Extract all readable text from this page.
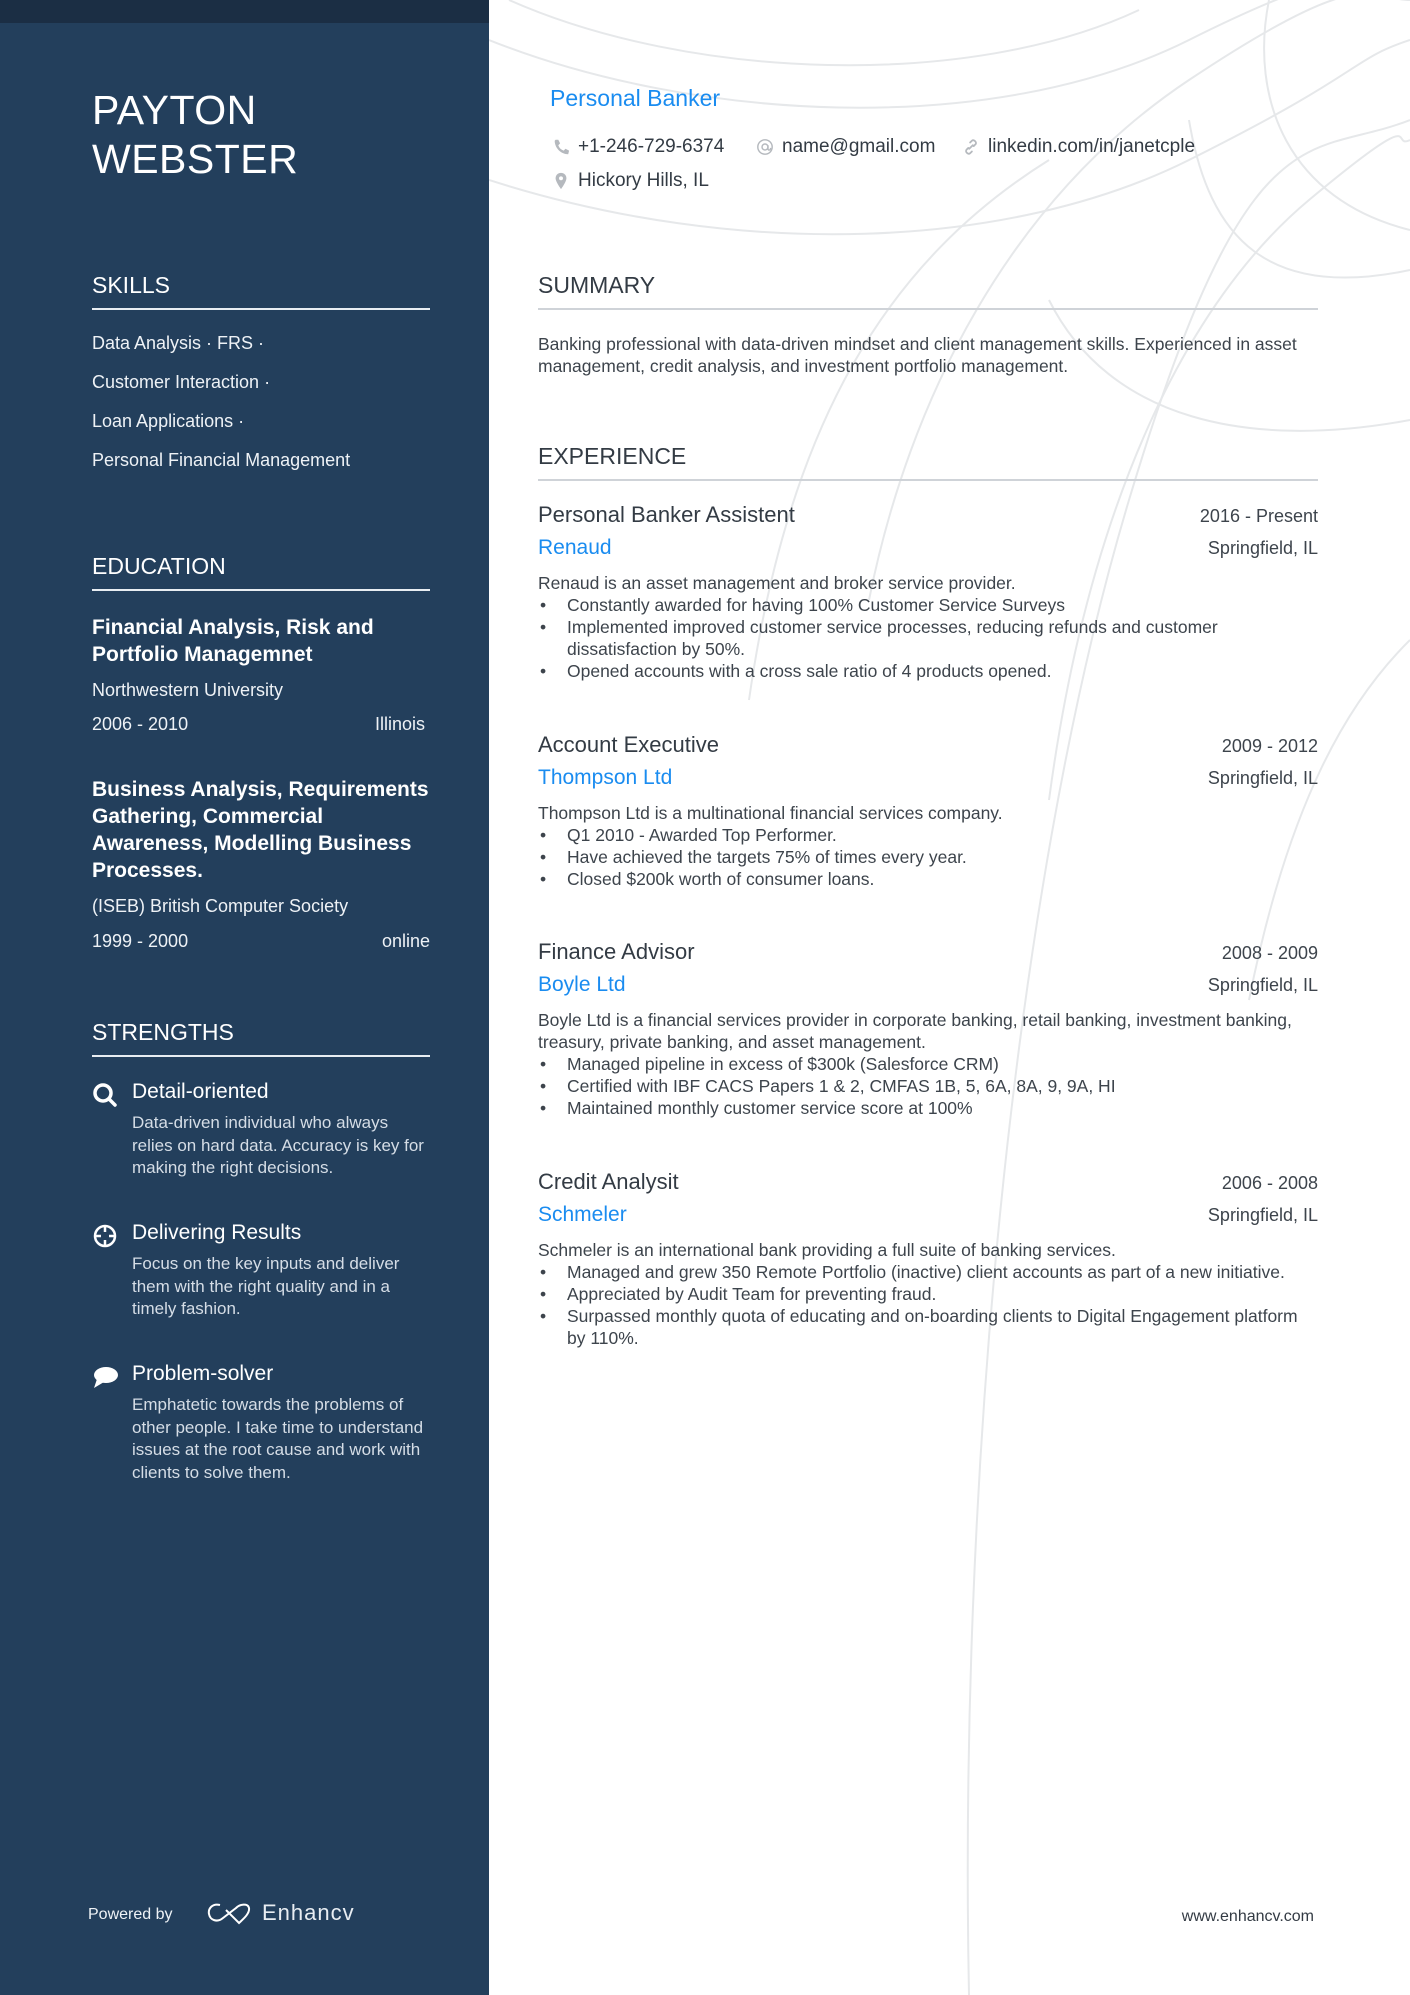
PAYTON WEBSTER
SKILLS
Data Analysis · FRS ·
Customer Interaction ·
Loan Applications ·
Personal Financial Management
EDUCATION
Financial Analysis, Risk and Portfolio Managemnet
Northwestern University
2006 - 2010	Illinois
Business Analysis, Requirements Gathering, Commercial Awareness, Modelling Business Processes.
(ISEB) British Computer Society
1999 - 2000	online
STRENGTHS
Detail-oriented
Data-driven individual who always relies on hard data. Accuracy is key for making the right decisions.
Delivering Results
Focus on the key inputs and deliver them with the right quality and in a timely fashion.
Problem-solver
Emphatetic towards the problems of other people. I take time to understand issues at the root cause and work with clients to solve them.
Powered by	Enhancv
Personal Banker
+1-246-729-6374	name@gmail.com	linkedin.com/in/janetcple
Hickory Hills, IL
SUMMARY
Banking professional with data-driven mindset and client management skills. Experienced in asset management, credit analysis, and investment portfolio management.
EXPERIENCE
Personal Banker Assistent	2016 - Present
Renaud	Springfield, IL
Renaud is an asset management and broker service provider.
• Constantly awarded for having 100% Customer Service Surveys
• Implemented improved customer service processes, reducing refunds and customer dissatisfaction by 50%.
• Opened accounts with a cross sale ratio of 4 products opened.
Account Executive	2009 - 2012
Thompson Ltd	Springfield, IL
Thompson Ltd is a multinational financial services company.
• Q1 2010 - Awarded Top Performer.
• Have achieved the targets 75% of times every year.
• Closed $200k worth of consumer loans.
Finance Advisor	2008 - 2009
Boyle Ltd	Springfield, IL
Boyle Ltd is a financial services provider in corporate banking, retail banking, investment banking, treasury, private banking, and asset management.
• Managed pipeline in excess of $300k (Salesforce CRM)
• Certified with IBF CACS Papers 1 & 2, CMFAS 1B, 5, 6A, 8A, 9, 9A, HI
• Maintained monthly customer service score at 100%
Credit Analysit	2006 - 2008
Schmeler	Springfield, IL
Schmeler is an international bank providing a full suite of banking services.
• Managed and grew 350 Remote Portfolio (inactive) client accounts as part of a new initiative.
• Appreciated by Audit Team for preventing fraud.
• Surpassed monthly quota of educating and on-boarding clients to Digital Engagement platform by 110%.
www.enhancv.com
